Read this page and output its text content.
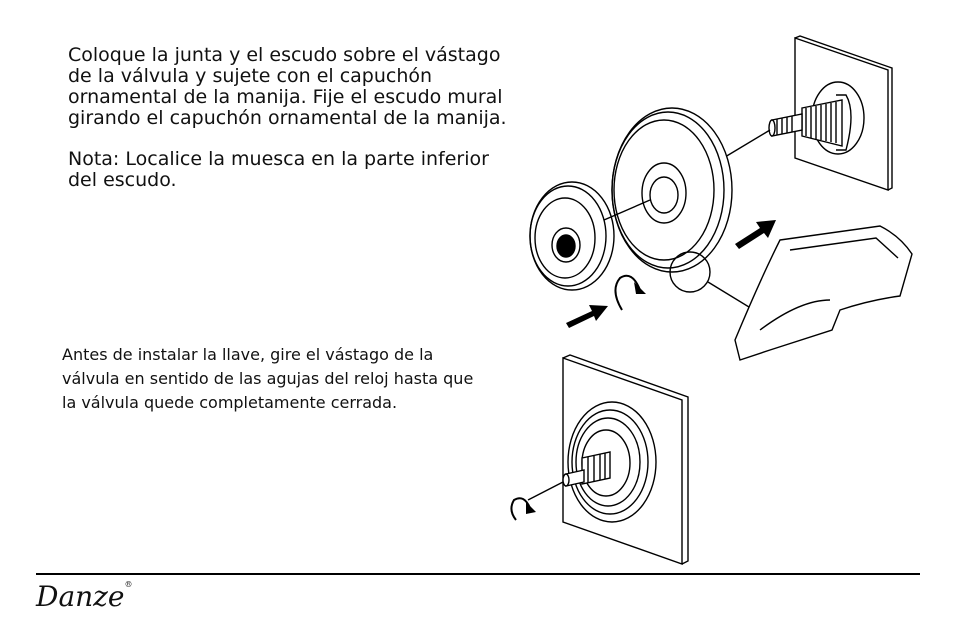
Coloque la junta y el escudo sobre el vástago de la válvula y sujete con el capuchón ornamental de la manija. Fije el escudo mural girando el capuchón ornamental de la manija.

Nota: Localice la muesca en la parte inferior del escudo.

Antes de instalar la llave, gire el vástago de la válvula en sentido de las agujas del reloj hasta que la válvula quede completamente cerrada.
Danze®
